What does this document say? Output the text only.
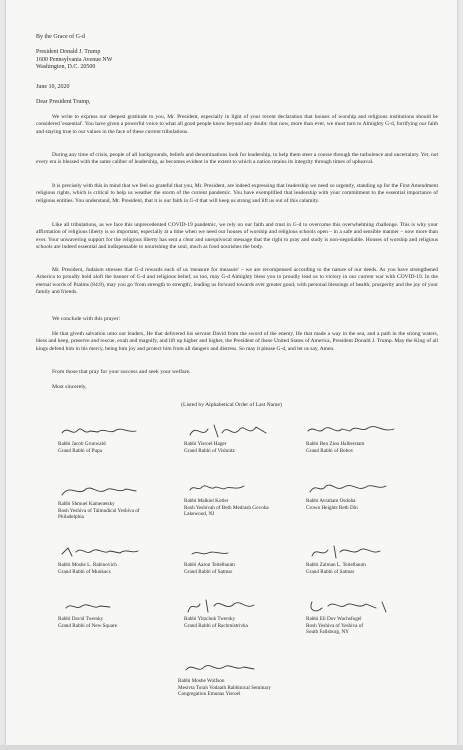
By the Grace of G-d
President Donald J. Trump
1600 Pennsylvania Avenue NW
Washington, D.C. 20500
June 10, 2020
Dear President Trump,
We write to express our deepest gratitude to you, Mr. President, especially in light of your recent declaration that houses of worship and religious institutions should be considered 'essential'. You have given a powerful voice to what all good people know beyond any doubt: that now, more than ever, we must turn to Almighty G-d, fortifying our faith and staying true to our values in the face of these current tribulations.
During any time of crisis, people of all backgrounds, beliefs and denominations look for leadership, to help them steer a course through the turbulence and uncertainty. Yet, not every era is blessed with the same caliber of leadership, as becomes evident in the extent to which a nation retains its integrity through times of upheaval.
It is precisely with this in mind that we feel so grateful that you, Mr. President, are indeed expressing that leadership we need so urgently, standing up for the First Amendment religious rights, which is critical to help us weather the storm of the current pandemic. You have exemplified that leadership with your commitment to the essential importance of religious entities. You understand, Mr. President, that it is our faith in G-d that will keep us strong and lift us out of this calamity.
Like all tribulations, as we face this unprecedented COVID-19 pandemic, we rely on our faith and trust in G-d to overcome this overwhelming challenge. This is why your affirmation of religious liberty is so important, especially at a time when we need our houses of worship and religious schools open – in a safe and sensible manner – now more than ever. Your unwavering support for the religious liberty has sent a clear and unequivocal message that the right to pray and study is non-negotiable. Houses of worship and religious schools are indeed essential and indispensable to nourishing the soul, much as food nourishes the body.
Mr. President, Judaism stresses that G-d rewards each of us 'measure for measure' – we are recompensed according to the nature of our deeds. As you have strengthened America to proudly hold aloft the banner of G-d and religious belief, so too, may G-d Almighty bless you to proudly lead us to victory in our current war with COVID-19. In the eternal words of Psalms (84:8), may you go 'from strength to strength', leading us forward towards ever greater good, with personal blessings of health, prosperity and the joy of your family and friends.
We conclude with this prayer:
He that giveth salvation unto our leaders, He that delivered his servant David from the sword of the enemy, He that made a way in the sea, and a path in the strong waters, bless and keep, preserve and rescue, exalt and magnify, and lift up higher and higher, the President of these United States of America, President Donald J. Trump. May the King of all kings defend him in his mercy, being him joy and protect him from all dangers and distress. So may it please G-d, and let us say, Amen.
From those that pray for your success and seek your welfare.
Most sincerely,
(Listed by Alphabetical Order of Last Name)
Rabbi Jacob Grunwald
Grand Rabbi of Pupa
Rabbi Yisroel Hager
Grand Rabbi of Vishnitz
Rabbi Ben Zion Halberstam
Grand Rabbi of Bobov
Rabbi Shmuel Kamenetsky
Rosh Yeshiva of Talmudical Yeshiva of
Philadelphia
Rabbi Malkiel Kotler
Rosh Yeshivah of Beth Medrash Govoha
Lakewood, NJ
Rabbi Avraham Osdoba
Crown Heights Beth Din
Rabbi Moshe L. Rabinovich
Grand Rabbi of Munkacs
Rabbi Aaron Teitelbaum
Grand Rabbi of Satmar
Rabbi Zalman L. Teitelbaum
Grand Rabbi of Satmar
Rabbi David Twersky
Grand Rabbi of New Square
Rabbi Yitzchok Twersky
Grand Rabbi of Rachmistrivka
Rabbi Eli Dov Wachsfogel
Rosh Yeshiva of Yeshiva of
South Fallsburg, NY
Rabbi Moshe Wolfson
Mesivta Torah Vodaath Rabbinical Seminary
Congregation Emunas Yisroel
